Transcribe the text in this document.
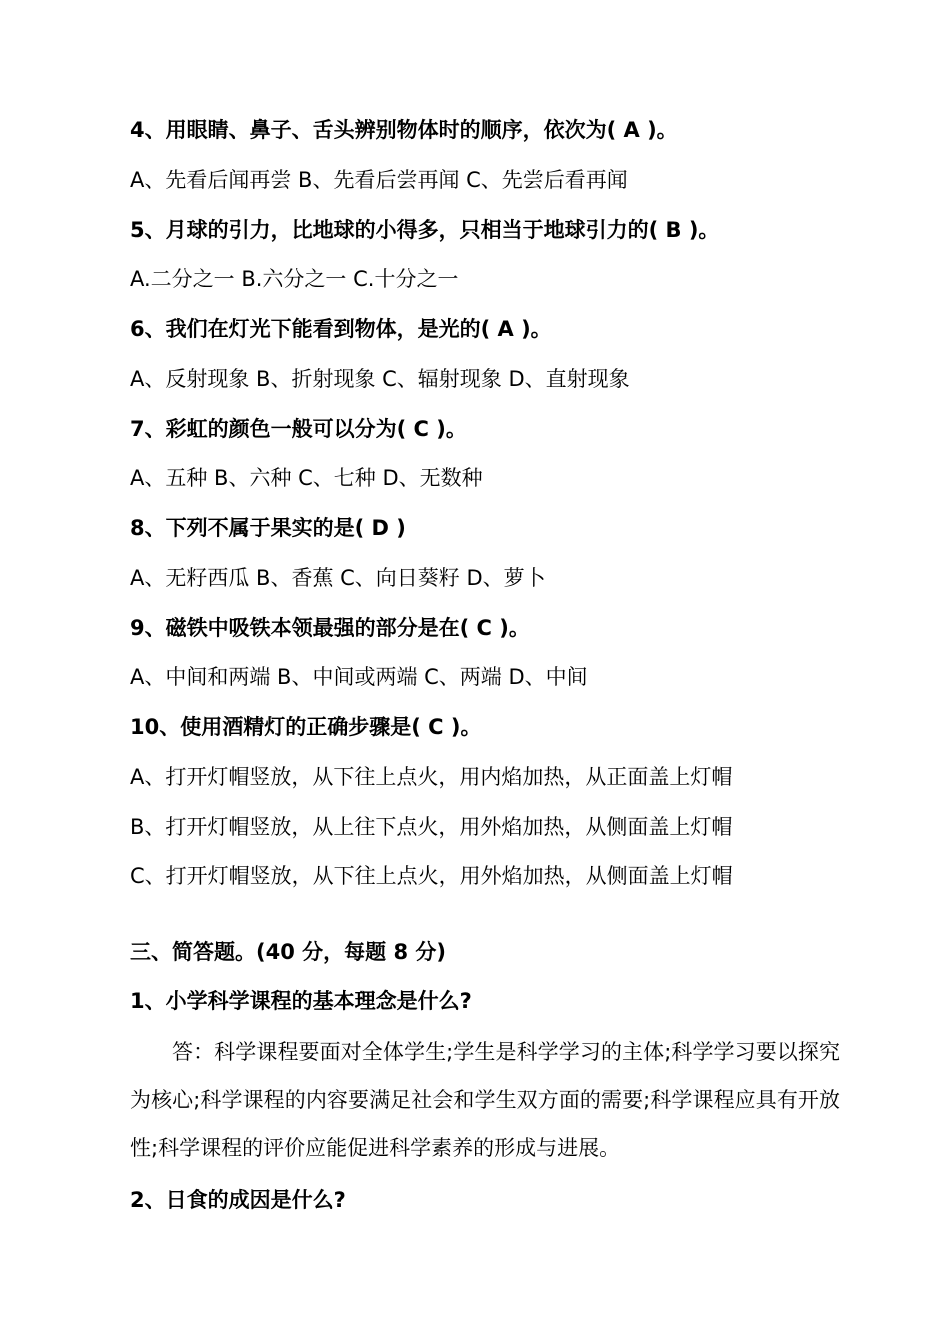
4、用眼睛、鼻子、舌头辨别物体时的顺序，依次为( A )。
A、先看后闻再尝 B、先看后尝再闻 C、先尝后看再闻
5、月球的引力，比地球的小得多，只相当于地球引力的( B )。
A.二分之一 B.六分之一 C.十分之一
6、我们在灯光下能看到物体，是光的( A )。
A、反射现象 B、折射现象 C、辐射现象 D、直射现象
7、彩虹的颜色一般可以分为( C )。
A、五种 B、六种 C、七种 D、无数种
8、下列不属于果实的是( D )
A、无籽西瓜 B、香蕉 C、向日葵籽 D、萝卜
9、磁铁中吸铁本领最强的部分是在( C )。
A、中间和两端 B、中间或两端 C、两端 D、中间
10、使用酒精灯的正确步骤是( C )。
A、打开灯帽竖放，从下往上点火，用内焰加热，从正面盖上灯帽
B、打开灯帽竖放，从上往下点火，用外焰加热，从侧面盖上灯帽
C、打开灯帽竖放，从下往上点火，用外焰加热，从侧面盖上灯帽
三、简答题。(40 分，每题 8 分)
1、小学科学课程的基本理念是什么?
答：科学课程要面对全体学生;学生是科学学习的主体;科学学习要以探究为核心;科学课程的内容要满足社会和学生双方面的需要;科学课程应具有开放性;科学课程的评价应能促进科学素养的形成与进展。
2、日食的成因是什么?
